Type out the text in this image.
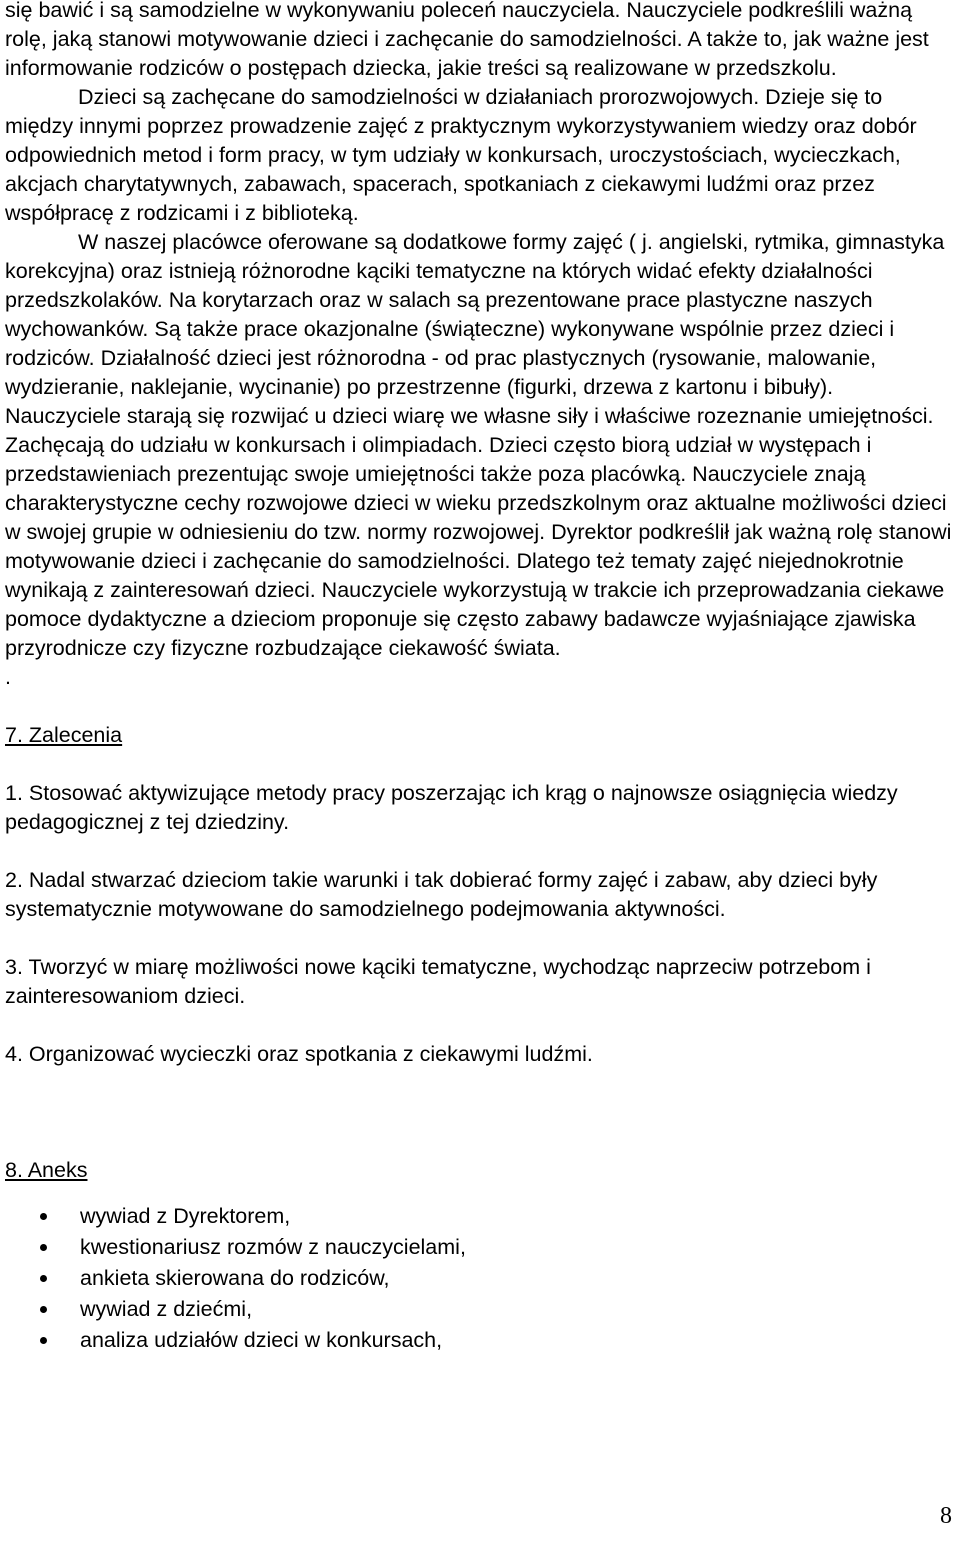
się bawić i są samodzielne w wykonywaniu poleceń nauczyciela. Nauczyciele podkreślili ważną rolę, jaką stanowi motywowanie dzieci i zachęcanie do samodzielności. A także to, jak ważne jest informowanie rodziców o postępach dziecka, jakie treści są realizowane w przedszkolu.

Dzieci są zachęcane do samodzielności w działaniach prorozwojowych. Dzieje się to między innymi poprzez prowadzenie zajęć z praktycznym wykorzystywaniem wiedzy oraz dobór odpowiednich metod i form pracy, w tym udziały w konkursach, uroczystościach, wycieczkach, akcjach charytatywnych, zabawach, spacerach, spotkaniach z ciekawymi ludźmi oraz przez współpracę z rodzicami i z biblioteką.

W naszej placówce oferowane są dodatkowe formy zajęć ( j. angielski, rytmika, gimnastyka korekcyjna) oraz istnieją różnorodne kąciki tematyczne na których widać efekty działalności przedszkolaków. Na korytarzach oraz w salach są prezentowane prace plastyczne naszych wychowanków. Są także prace okazjonalne (świąteczne) wykonywane wspólnie przez dzieci i rodziców. Działalność dzieci jest różnorodna - od prac plastycznych (rysowanie, malowanie, wydzieranie, naklejanie, wycinanie) po przestrzenne (figurki, drzewa z kartonu i bibuły). Nauczyciele starają się rozwijać u dzieci wiarę we własne siły i właściwe rozeznanie umiejętności. Zachęcają do udziału w konkursach i olimpiadach. Dzieci często biorą udział w występach i przedstawieniach prezentując swoje umiejętności także poza placówką. Nauczyciele znają charakterystyczne cechy rozwojowe dzieci w wieku przedszkolnym oraz aktualne możliwości dzieci w swojej grupie w odniesieniu do tzw. normy rozwojowej. Dyrektor podkreślił jak ważną rolę stanowi motywowanie dzieci i zachęcanie do samodzielności. Dlatego też tematy zajęć niejednokrotnie wynikają z zainteresowań dzieci. Nauczyciele wykorzystują w trakcie ich przeprowadzania ciekawe pomoce dydaktyczne a dzieciom proponuje się często zabawy badawcze wyjaśniające zjawiska przyrodnicze czy fizyczne rozbudzające ciekawość świata.

.

7. Zalecenia

1. Stosować aktywizujące metody pracy poszerzając ich krąg o najnowsze osiągnięcia wiedzy pedagogicznej z tej dziedziny.

2. Nadal stwarzać dzieciom takie warunki i tak dobierać formy zajęć i zabaw, aby dzieci były systematycznie motywowane do samodzielnego podejmowania aktywności.

3. Tworzyć w miarę możliwości nowe kąciki tematyczne, wychodząc naprzeciw potrzebom i zainteresowaniom dzieci.

4. Organizować wycieczki oraz spotkania z ciekawymi ludźmi.

8. Aneks

wywiad z Dyrektorem,
kwestionariusz rozmów z nauczycielami,
ankieta skierowana do rodziców,
wywiad z dziećmi,
analiza udziałów dzieci w konkursach,
8
